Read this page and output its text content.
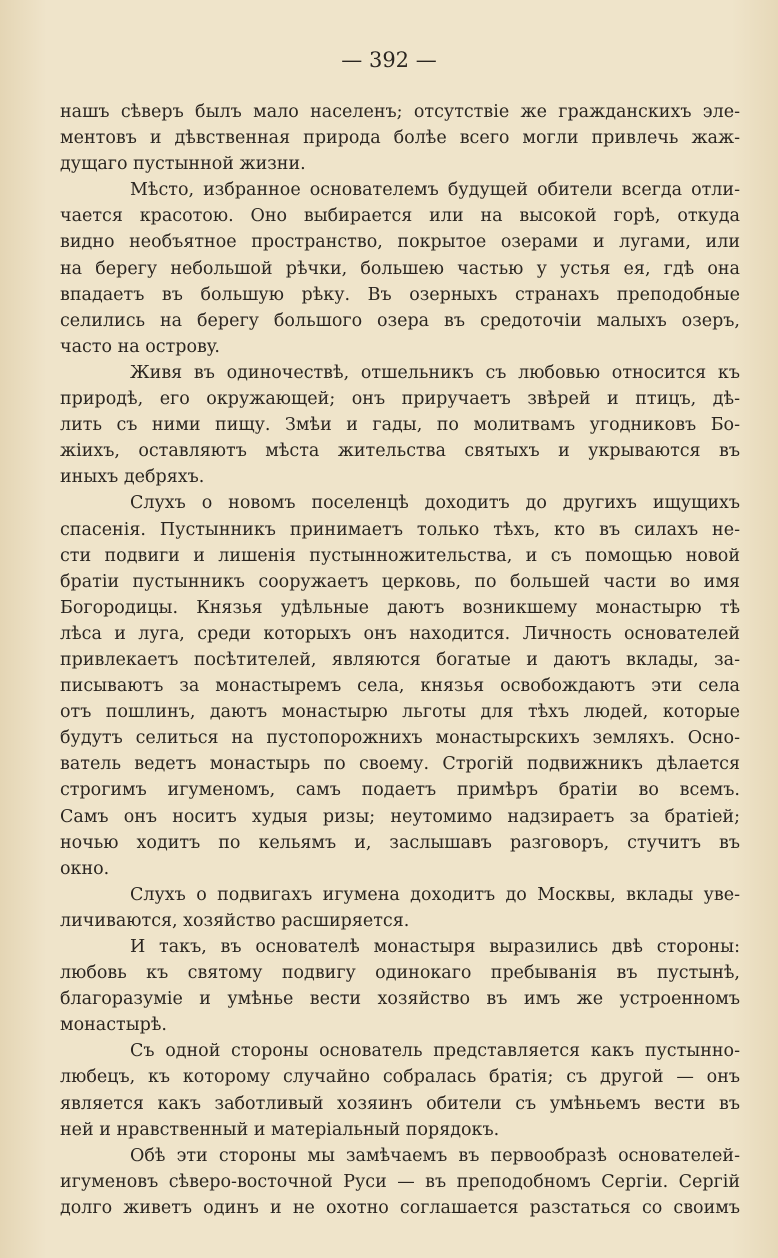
— 392 —
нашъ сѣверъ былъ мало населенъ; отсутствіе же гражданскихъ эле-
ментовъ и дѣвственная природа болѣе всего могли привлечь жаж-
дущаго пустынной жизни.
Мѣсто, избранное основателемъ будущей обители всегда отли-
чается красотою. Оно выбирается или на высокой горѣ, откуда
видно необъятное пространство, покрытое озерами и лугами, или
на берегу небольшой рѣчки, большею частью у устья ея, гдѣ она
впадаетъ въ большую рѣку. Въ озерныхъ странахъ преподобные
селились на берегу большого озера въ средоточіи малыхъ озеръ,
часто на островy.
Живя въ одиночествѣ, отшельникъ съ любовью относится къ
природѣ, его окружающей; онъ приручаетъ звѣрей и птицъ, дѣ-
лить съ ними пищу. Змѣи и гады, по молитвамъ угодниковъ Бо-
жіихъ, оставляютъ мѣста жительства святыхъ и укрываются въ
иныхъ дебряхъ.
Слухъ о новомъ поселенцѣ доходитъ до другихъ ищущихъ
спасенія. Пустынникъ принимаетъ только тѣхъ, кто въ силахъ не-
сти подвиги и лишенія пустынножительства, и съ помощью новой
братіи пустынникъ сооружаетъ церковь, по большей части во имя
Богородицы. Князья удѣльные даютъ возникшему монастырю тѣ
лѣса и луга, среди которыхъ онъ находится. Личность основателей
привлекаетъ посѣтителей, являются богатые и даютъ вклады, за-
писываютъ за монастыремъ села, князья освобождаютъ эти села
отъ пошлинъ, даютъ монастырю льготы для тѣхъ людей, которые
будутъ селиться на пустопорожнихъ монастырскихъ земляхъ. Осно-
ватель ведетъ монастырь по своему. Строгій подвижникъ дѣлается
строгимъ игуменомъ, самъ подаетъ примѣръ братіи во всемъ.
Самъ онъ носитъ худыя ризы; неутомимо надзираетъ за братіей;
ночью ходитъ по кельямъ и, заслышавъ разговоръ, стучитъ въ
окно.
Слухъ о подвигахъ игумена доходитъ до Москвы, вклады уве-
личиваются, хозяйство расширяется.
И такъ, въ основателѣ монастыря выразились двѣ стороны:
любовь къ святому подвигу одинокаго пребыванія въ пустынѣ,
благоразуміе и умѣнье вести хозяйство въ имъ же устроенномъ
монастырѣ.
Съ одной стороны основатель представляется какъ пустынно-
любецъ, къ которому случайно собралась братія; съ другой — онъ
является какъ заботливый хозяинъ обители съ умѣньемъ вести въ
ней и нравственный и матеріальный порядокъ.
Обѣ эти стороны мы замѣчаемъ въ первообразѣ основателей-
игуменовъ сѣверо-восточной Руси — въ преподобномъ Сергіи. Сергій
долго живетъ одинъ и не охотно соглашается разстаться со своимъ
